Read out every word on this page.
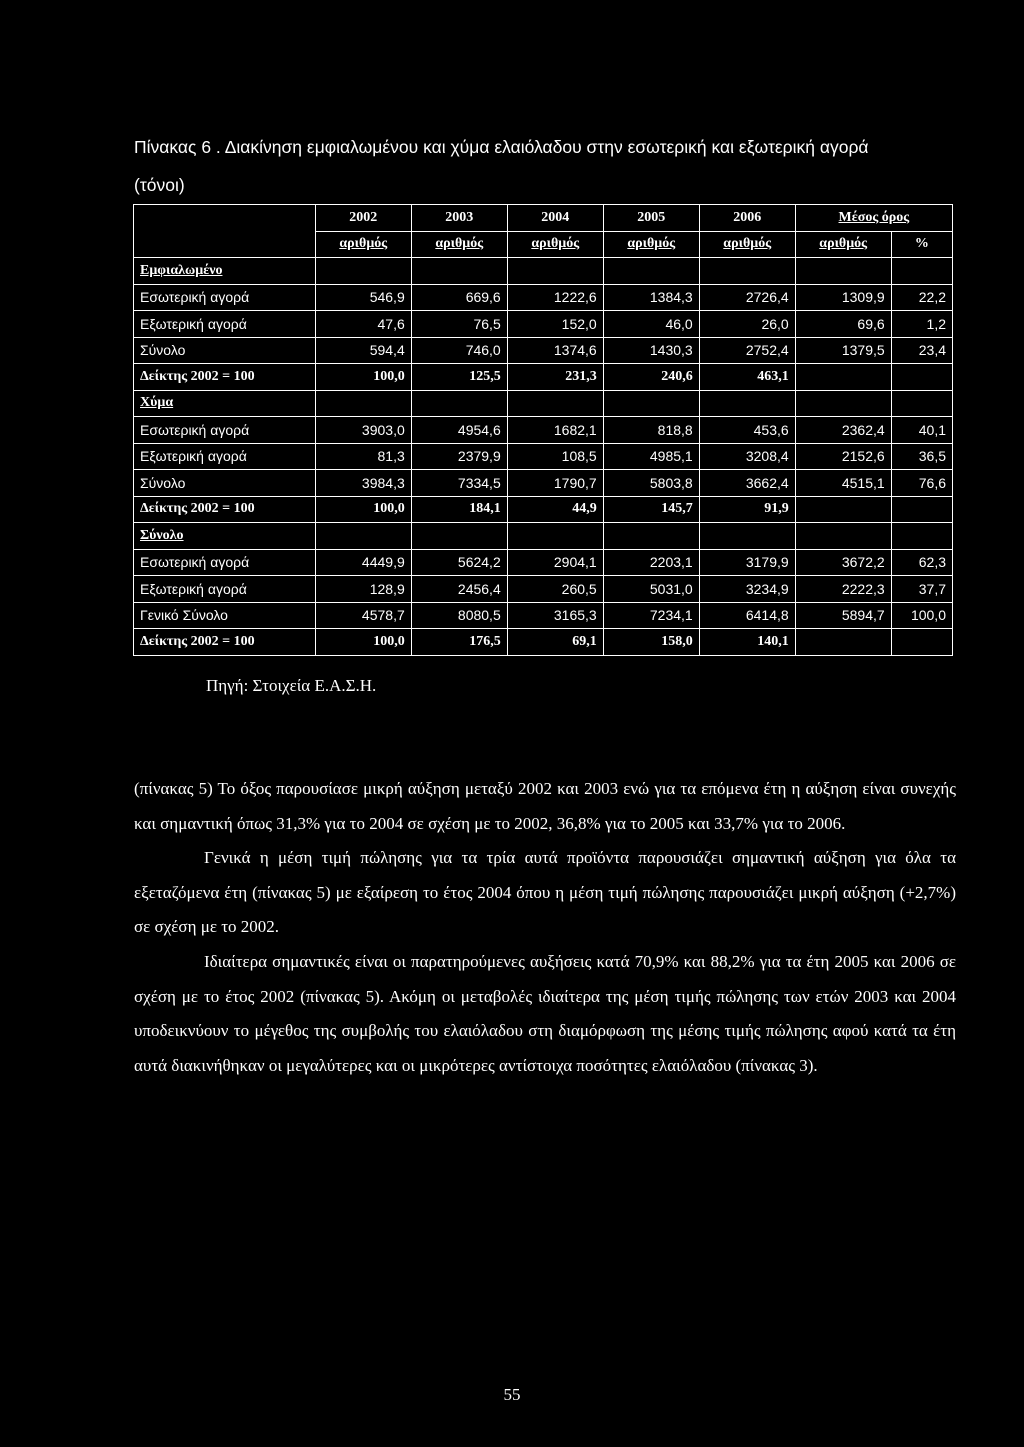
Πίνακας 6 . Διακίνηση εμφιαλωμένου και χύμα ελαιόλαδου στην εσωτερική και εξωτερική αγορά (τόνοι)
	2002	2003	2004	2005	2006	Μέσος όρος	
	αριθμός	αριθμός	αριθμός	αριθμός	αριθμός	αριθμός	%
Εμφιαλωμένο							
Εσωτερική αγορά	546,9	669,6	1222,6	1384,3	2726,4	1309,9	22,2
Εξωτερική αγορά	47,6	76,5	152,0	46,0	26,0	69,6	1,2
Σύνολο	594,4	746,0	1374,6	1430,3	2752,4	1379,5	23,4
Δείκτης 2002 = 100	100,0	125,5	231,3	240,6	463,1		
Χύμα							
Εσωτερική αγορά	3903,0	4954,6	1682,1	818,8	453,6	2362,4	40,1
Εξωτερική αγορά	81,3	2379,9	108,5	4985,1	3208,4	2152,6	36,5
Σύνολο	3984,3	7334,5	1790,7	5803,8	3662,4	4515,1	76,6
Δείκτης 2002 = 100	100,0	184,1	44,9	145,7	91,9		
Σύνολο							
Εσωτερική αγορά	4449,9	5624,2	2904,1	2203,1	3179,9	3672,2	62,3
Εξωτερική αγορά	128,9	2456,4	260,5	5031,0	3234,9	2222,3	37,7
Γενικό Σύνολο	4578,7	8080,5	3165,3	7234,1	6414,8	5894,7	100,0
Δείκτης 2002 = 100	100,0	176,5	69,1	158,0	140,1		
Πηγή: Στοιχεία Ε.Α.Σ.Η.

(πίνακας 5) Το όξος παρουσίασε μικρή αύξηση μεταξύ 2002 και 2003 ενώ για τα επόμενα έτη η αύξηση είναι συνεχής και σημαντική όπως 31,3% για το 2004 σε σχέση με το 2002, 36,8% για το 2005 και 33,7% για το 2006.

Γενικά η μέση τιμή πώλησης για τα τρία αυτά προϊόντα παρουσιάζει σημαντική αύξηση για όλα τα εξεταζόμενα έτη (πίνακας 5) με εξαίρεση το έτος 2004 όπου η μέση τιμή πώλησης παρουσιάζει μικρή αύξηση (+2,7%) σε σχέση με το 2002.

Ιδιαίτερα σημαντικές είναι οι παρατηρούμενες αυξήσεις κατά 70,9% και 88,2% για τα έτη 2005 και 2006 σε σχέση με το έτος 2002 (πίνακας 5). Ακόμη οι μεταβολές ιδιαίτερα της μέση τιμής πώλησης των ετών 2003 και 2004 υποδεικνύουν το μέγεθος της συμβολής του ελαιόλαδου στη διαμόρφωση της μέσης τιμής πώλησης αφού κατά τα έτη αυτά διακινήθηκαν οι μεγαλύτερες και οι μικρότερες αντίστοιχα ποσότητες ελαιόλαδου (πίνακας 3).

55
